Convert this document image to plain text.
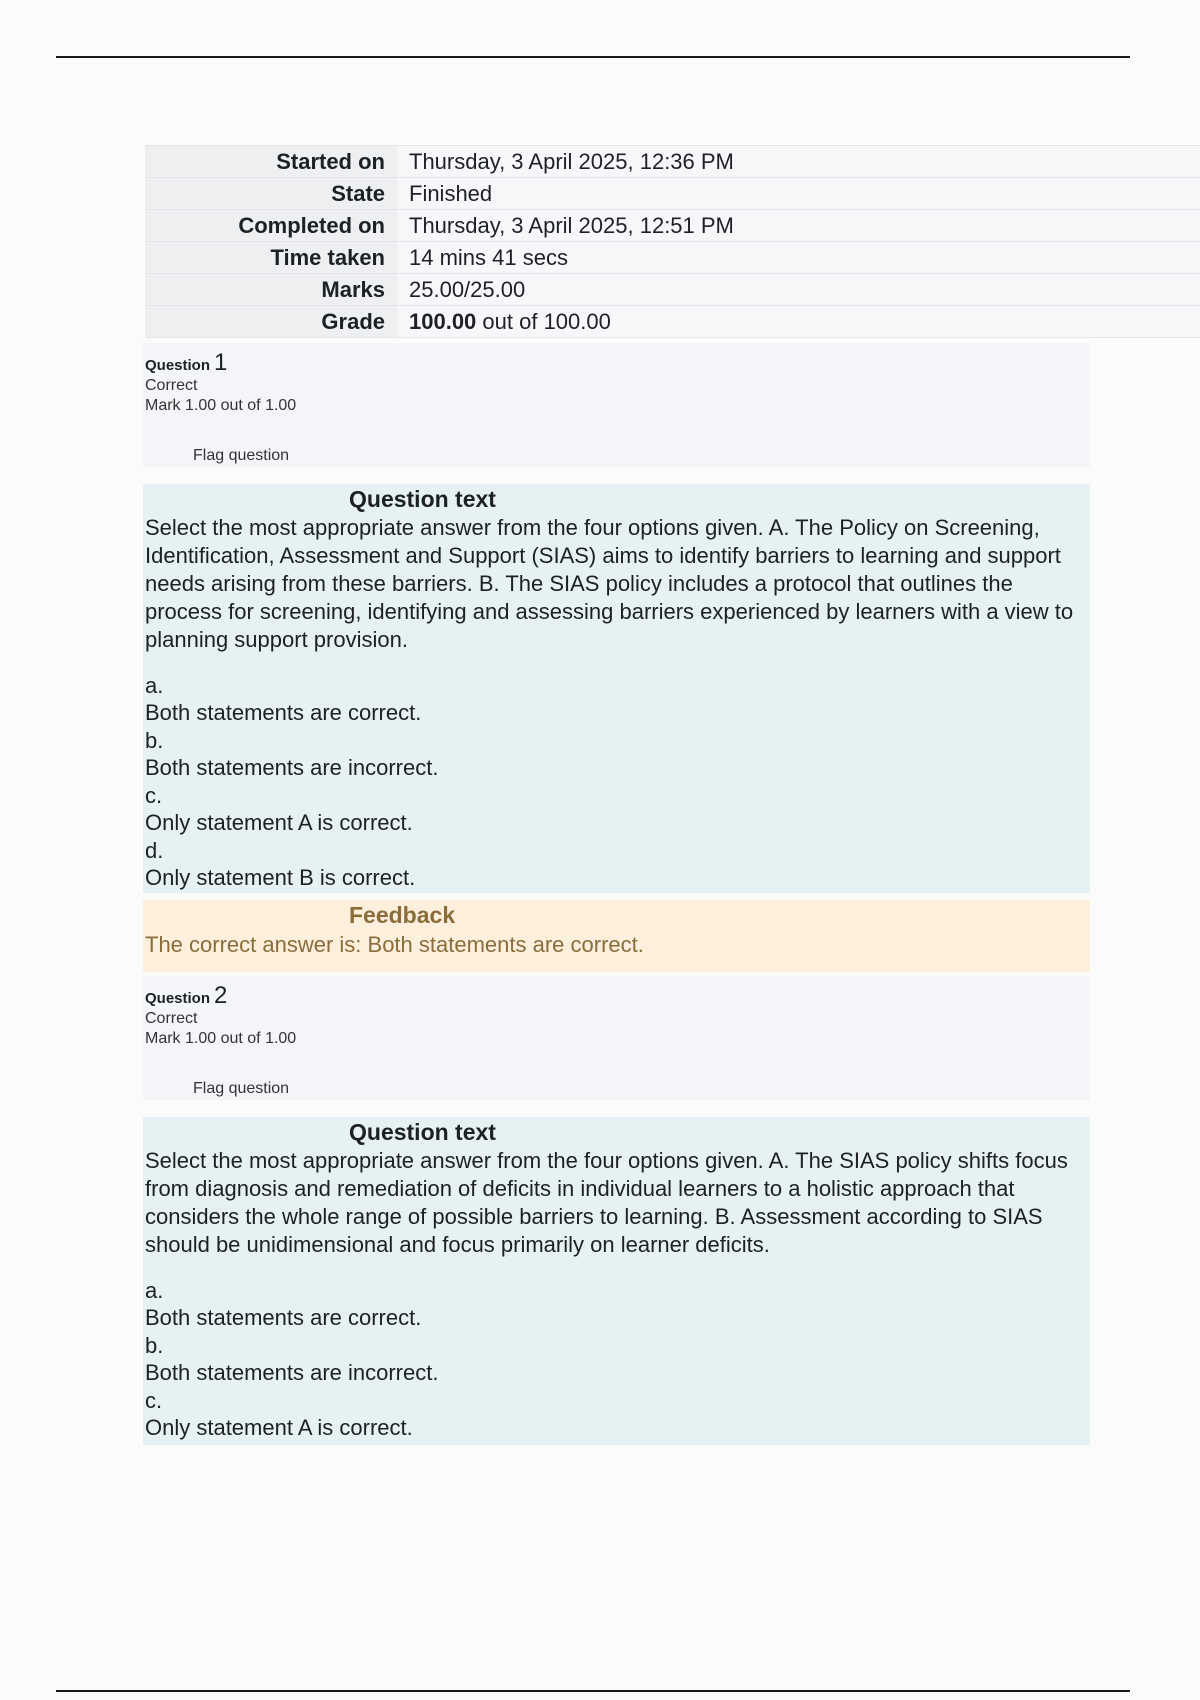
Started on	Thursday, 3 April 2025, 12:36 PM
State	Finished
Completed on	Thursday, 3 April 2025, 12:51 PM
Time taken	14 mins 41 secs
Marks	25.00/25.00
Grade	100.00 out of 100.00
Question 1
Correct
Mark 1.00 out of 1.00
Flag question
Question text
Select the most appropriate answer from the four options given. A. The Policy on Screening, Identification, Assessment and Support (SIAS) aims to identify barriers to learning and support needs arising from these barriers. B. The SIAS policy includes a protocol that outlines the process for screening, identifying and assessing barriers experienced by learners with a view to planning support provision.
a.
Both statements are correct.
b.
Both statements are incorrect.
c.
Only statement A is correct.
d.
Only statement B is correct.
Feedback
The correct answer is: Both statements are correct.
Question 2
Correct
Mark 1.00 out of 1.00
Flag question
Question text
Select the most appropriate answer from the four options given. A. The SIAS policy shifts focus from diagnosis and remediation of deficits in individual learners to a holistic approach that considers the whole range of possible barriers to learning. B. Assessment according to SIAS should be unidimensional and focus primarily on learner deficits.
a.
Both statements are correct.
b.
Both statements are incorrect.
c.
Only statement A is correct.
